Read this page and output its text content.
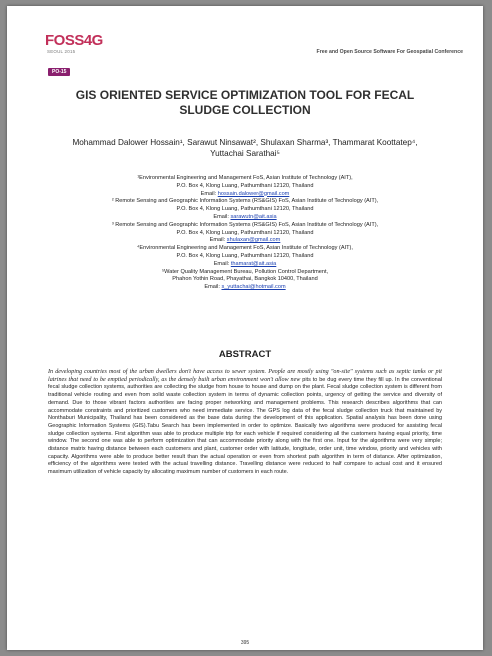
FOSS4G
SEOUL 2015	Free and Open Source Software For Geospatial Conference
PO-15
GIS ORIENTED SERVICE OPTIMIZATION TOOL FOR FECAL SLUDGE COLLECTION
Mohammad Dalower Hossain¹, Sarawut Ninsawat², Shulaxan Sharma³, Thammarat Koottatep⁴, Yuttachai Sarathai⁵
¹Environmental Engineering and Management FoS, Asian Institute of Technology (AIT),
P.O. Box 4, Klong Luang, Pathumthani 12120, Thailand
Email: hossain.dalower@gmail.com
² Remote Sensing and Geographic Information Systems (RS&GIS) FoS, Asian Institute of Technology (AIT),
P.O. Box 4, Klong Luang, Pathumthani 12120, Thailand
Email: sarawutn@ait.asia
³ Remote Sensing and Geographic Information Systems (RS&GIS) FoS, Asian Institute of Technology (AIT),
P.O. Box 4, Klong Luang, Pathumthani 12120, Thailand
Email: shulaxan@gmail.com
⁴Environmental Engineering and Management FoS, Asian Institute of Technology (AIT),
P.O. Box 4, Klong Luang, Pathumthani 12120, Thailand
Email: thamarat@ait.asia
⁵Water Quality Management Bureau, Pollution Control Department,
Phahon Yothin Road, Phayathai, Bangkok 10400, Thailand
Email: s_yuttachai@hotmail.com
ABSTRACT
In developing countries most of the urban dwellers don't have access to sewer system. People are mostly using "on-site" systems such as septic tanks or pit latrines that need to be emptied periodically, as the densely built urban environment won't allow new pits to be dug every time they fill up. In the conventional fecal sludge collection systems, authorities are collecting the sludge from house to house and dump on the plant. Fecal sludge collection system is different from traditional vehicle routing and even from solid waste collection system in terms of dynamic collection points, urgency of getting the service and diversity of demand. Due to those vibrant factors authorities are facing proper networking and management problems. This research describes algorithms that can accommodate constraints and prioritized customers who need immediate service. The GPS log data of the fecal sludge collection truck that maintained by Nonthaburi Municipality, Thailand has been considered as the base data during the development of this application. Spatial analysis has been done using Geographic Information Systems (GIS).Tabu Search has been implemented in order to optimize. Basically two algorithms were produced for assisting fecal sludge collection systems. First algorithm was able to produce multiple trip for each vehicle if required considering all the customers having equal priority, time window. The second one was able to perform optimization that can accommodate priority along with the first one. Input for the algorithms were very simple; distance matrix having distance between each customers and plant, customer order with latitude, longitude, order unit, time window, priority and vehicles with capacity. Algorithms were able to produce better result than the actual operation or even from shortest path algorithm in term of distance. After optimization, efficiency of the algorithms were tested with the actual travelling distance. Travelling distance were reduced to half compare to actual cost and it ensured maximum utilization of vehicle capacity by allocating maximum number of customers in each route.
395
